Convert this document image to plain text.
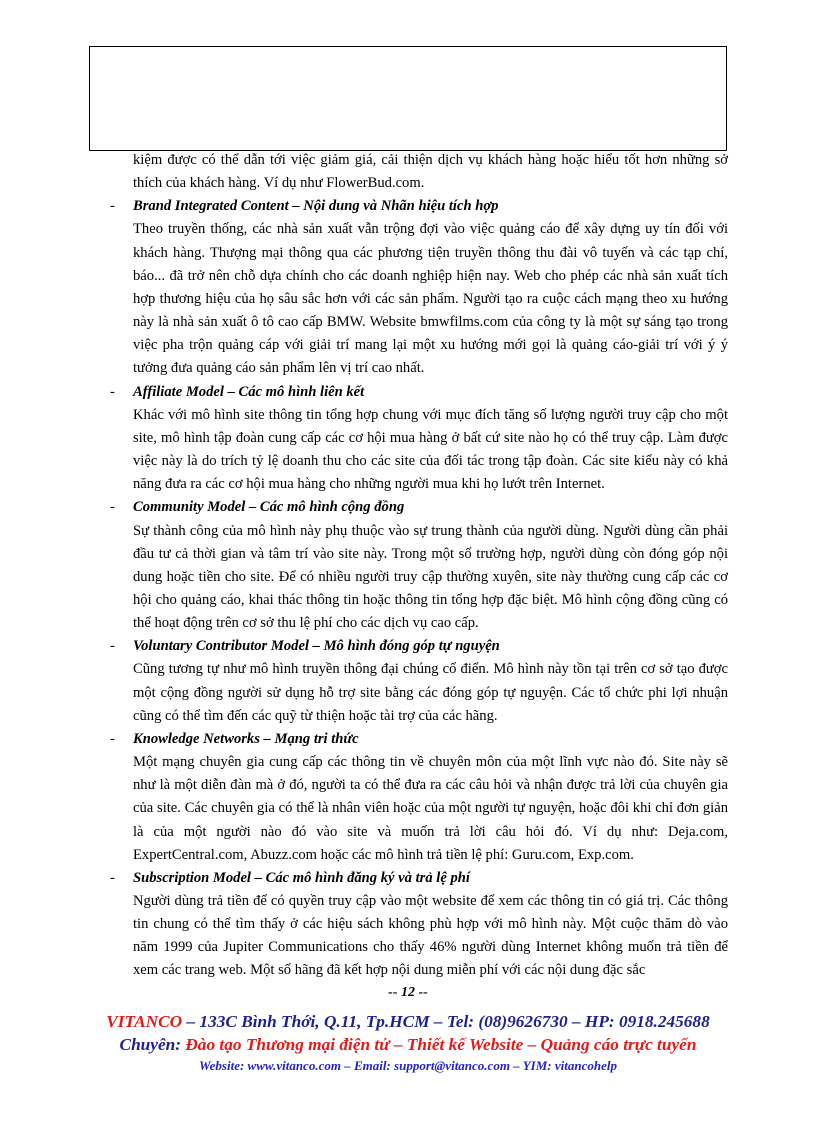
kiệm được có thể dẫn tới việc giảm giá, cải thiện dịch vụ khách hàng hoặc hiểu tốt hơn những sở thích của khách hàng. Ví dụ như FlowerBud.com.

- Brand Integrated Content – Nội dung và Nhãn hiệu tích hợp

Theo truyền thống, các nhà sản xuất vẫn trộng đợi vào việc quảng cáo để xây dựng uy tín đối với khách hàng. Thượng mại thông qua các phương tiện truyền thông thu đài vô tuyến và các tạp chí, báo... đã trở nên chỗ dựa chính cho các doanh nghiệp hiện nay. Web cho phép các nhà sản xuất tích hợp thương hiệu của họ sâu sắc hơn với các sản phẩm. Người tạo ra cuộc cách mạng theo xu hướng này là nhà sản xuất ô tô cao cấp BMW. Website bmwfilms.com của công ty là một sự sáng tạo trong việc pha trộn quảng cáp với giải trí mang lại một xu hướng mới gọi là quảng cáo-giải trí với ý ý tưởng đưa quảng cáo sản phẩm lên vị trí cao nhất.

- Affiliate Model – Các mô hình liên kết

Khác với mô hình site thông tin tổng hợp chung với mục đích tăng số lượng người truy cập cho một site, mô hình tập đoàn cung cấp các cơ hội mua hàng ở bất cứ site nào họ có thể truy cập. Làm được việc này là do trích tỷ lệ doanh thu cho các site của đối tác trong tập đoàn. Các site kiểu này có khả năng đưa ra các cơ hội mua hàng cho những người mua khi họ lướt trên Internet.

- Community Model – Các mô hình cộng đồng

Sự thành công của mô hình này phụ thuộc vào sự trung thành của người dùng. Người dùng cần phải đầu tư cả thời gian và tâm trí vào site này. Trong một số trường hợp, người dùng còn đóng góp nội dung hoặc tiền cho site. Để có nhiều người truy cập thường xuyên, site này thường cung cấp các cơ hội cho quảng cáo, khai thác thông tin hoặc thông tin tổng hợp đặc biệt. Mô hình cộng đồng cũng có thể hoạt động trên cơ sở thu lệ phí cho các dịch vụ cao cấp.

- Voluntary Contributor Model – Mô hình đóng góp tự nguyện

Cũng tương tự như mô hình truyền thông đại chúng cổ điển. Mô hình này tồn tại trên cơ sở tạo được một cộng đồng người sử dụng hỗ trợ site bằng các đóng góp tự nguyện. Các tổ chức phi lợi nhuận cũng có thể tìm đến các quỹ từ thiện hoặc tài trợ của các hãng.

- Knowledge Networks – Mạng tri thức

Một mạng chuyên gia cung cấp các thông tin về chuyên môn của một lĩnh vực nào đó. Site này sẽ như là một diễn đàn mà ở đó, người ta có thể đưa ra các câu hỏi và nhận được trả lời của chuyên gia của site. Các chuyên gia có thể là nhân viên hoặc của một người tự nguyện, hoặc đôi khi chỉ đơn giản là của một người nào đó vào site và muốn trả lời câu hỏi đó. Ví dụ như: Deja.com, ExpertCentral.com, Abuzz.com hoặc các mô hình trả tiền lệ phí: Guru.com, Exp.com.

- Subscription Model – Các mô hình đăng ký và trả lệ phí

Người dùng trả tiền để có quyền truy cập vào một website để xem các thông tin có giá trị. Các thông tin chung có thể tìm thấy ở các hiệu sách không phù hợp với mô hình này. Một cuộc thăm dò vào năm 1999 của Jupiter Communications cho thấy 46% người dùng Internet không muốn trả tiền để xem các trang web. Một số hãng đã kết hợp nội dung miễn phí với các nội dung đặc sắc

-- 12 --
VITANCO – 133C Bình Thới, Q.11, Tp.HCM – Tel: (08)9626730 – HP: 0918.245688
Chuyên: Đào tạo Thương mại điện tử – Thiết kế Website – Quảng cáo trực tuyến
Website: www.vitanco.com – Email: support@vitanco.com – YIM: vitancohelp
